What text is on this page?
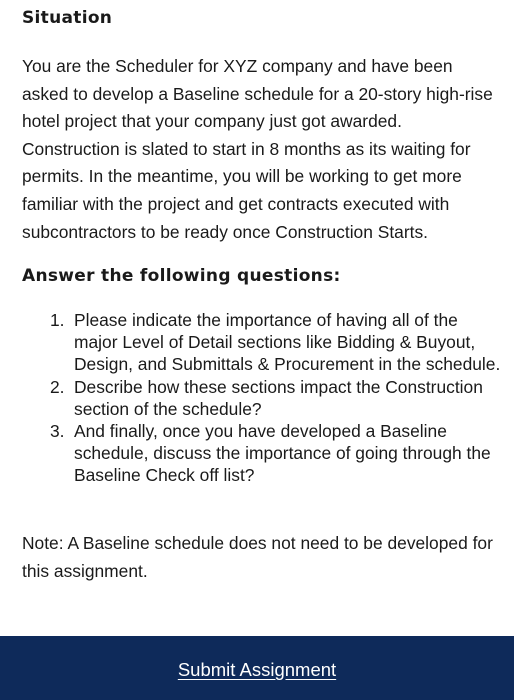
Situation

You are the Scheduler for XYZ company and have been asked to develop a Baseline schedule for a 20-story high-rise hotel project that your company just got awarded. Construction is slated to start in 8 months as its waiting for permits. In the meantime, you will be working to get more familiar with the project and get contracts executed with subcontractors to be ready once Construction Starts.

Answer the following questions:
1. Please indicate the importance of having all of the major Level of Detail sections like Bidding & Buyout, Design, and Submittals & Procurement in the schedule.
2. Describe how these sections impact the Construction section of the schedule?
3. And finally, once you have developed a Baseline schedule, discuss the importance of going through the Baseline Check off list?

Note: A Baseline schedule does not need to be developed for this assignment.

Submit Assignment
